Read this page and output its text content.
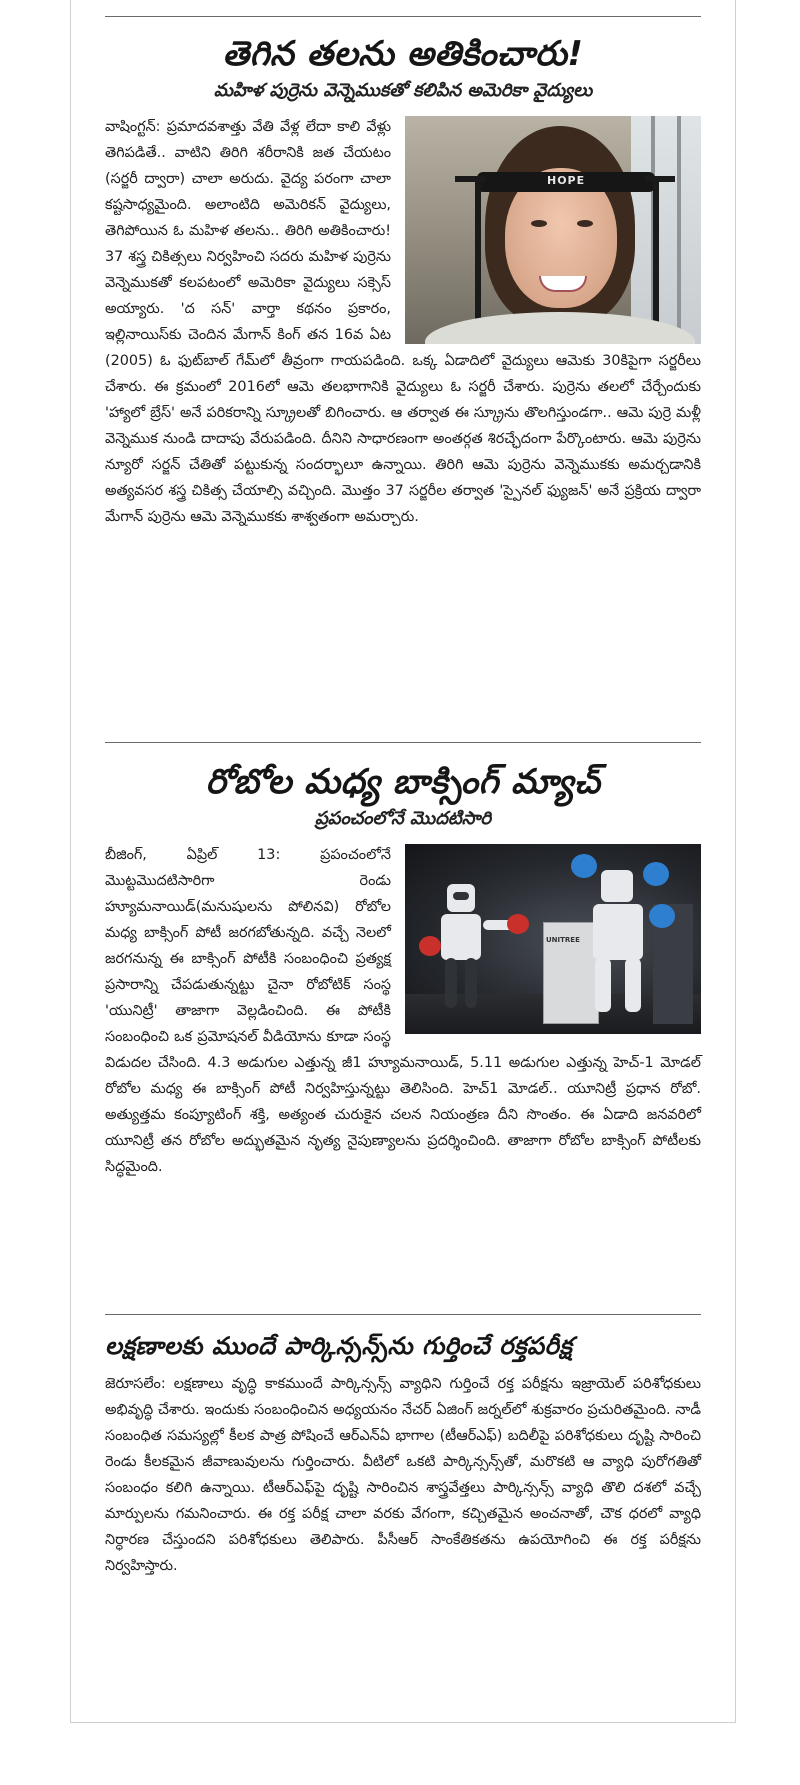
తెగిన తలను అతికించారు!
మహిళ పుర్రెను వెన్నెముకతో కలిపిన అమెరికా వైద్యులు
HOPE

వాషింగ్టన్: ప్రమాదవశాత్తు వేతి వేళ్ల లేదా కాలి వేళ్లు తెగిపడితే.. వాటిని తిరిగి శరీరానికి జత చేయటం (సర్జరీ ద్వారా) చాలా అరుదు. వైద్య పరంగా చాలా కష్టసాధ్యమైంది. అలాంటిది అమెరికన్ వైద్యులు, తెగిపోయిన ఓ మహిళ తలను.. తిరిగి అతికించారు! 37 శస్త్ర చికిత్సలు నిర్వహించి సదరు మహిళ పుర్రెను వెన్నెముకతో కలపటంలో అమెరికా వైద్యులు సక్సెస్ అయ్యారు. 'ద సన్' వార్తా కథనం ప్రకారం, ఇల్లినాయిస్‌కు చెందిన మేగాన్ కింగ్ తన 16వ ఏట (2005) ఓ ఫుట్‌బాల్ గేమ్‌లో తీవ్రంగా గాయపడింది. ఒక్క ఏడాదిలో వైద్యులు ఆమెకు 30కిపైగా సర్జరీలు చేశారు. ఈ క్రమంలో 2016లో ఆమె తలభాగానికి వైద్యులు ఓ సర్జరీ చేశారు. పుర్రెను తలలో చేర్చేందుకు 'హ్యాలో బ్రేస్' అనే పరికరాన్ని స్క్రూలతో బిగించారు. ఆ తర్వాత ఈ స్క్రూను తొలగిస్తుండగా.. ఆమె పుర్రె మళ్లీ వెన్నెముక నుండి దాదాపు వేరుపడింది. దీనిని సాధారణంగా అంతర్గత శిరచ్ఛేదంగా పేర్కొంటారు. ఆమె పుర్రెను న్యూరో సర్జన్ చేతితో పట్టుకున్న సందర్భాలూ ఉన్నాయి. తిరిగి ఆమె పుర్రెను వెన్నెముకకు అమర్చడానికి అత్యవసర శస్త్ర చికిత్స చేయాల్సి వచ్చింది. మొత్తం 37 సర్జరీల తర్వాత 'స్పైనల్ ఫ్యుజన్' అనే ప్రక్రియ ద్వారా మేగాన్ పుర్రెను ఆమె వెన్నెముకకు శాశ్వతంగా అమర్చారు.

రోబోల మధ్య బాక్సింగ్ మ్యాచ్
ప్రపంచంలోనే మొదటిసారి
UNITREE

బీజింగ్, ఏప్రిల్ 13: ప్రపంచంలోనే మొట్టమొదటిసారిగా రెండు హ్యూమనాయిడ్(మనుషులను పోలినవి) రోబోల మధ్య బాక్సింగ్ పోటీ జరగబోతున్నది. వచ్చే నెలలో జరగనున్న ఈ బాక్సింగ్ పోటీకి సంబంధించి ప్రత్యక్ష ప్రసారాన్ని చేపడుతున్నట్టు చైనా రోబోటిక్ సంస్థ 'యునిట్రీ' తాజాగా వెల్లడించింది. ఈ పోటీకి సంబంధించి ఒక ప్రమోషనల్ వీడియోను కూడా సంస్థ విడుదల చేసింది. 4.3 అడుగుల ఎత్తున్న జీ1 హ్యూమనాయిడ్, 5.11 అడుగుల ఎత్తున్న హెచ్-1 మోడల్ రోబోల మధ్య ఈ బాక్సింగ్ పోటీ నిర్వహిస్తున్నట్టు తెలిసింది. హెచ్1 మోడల్.. యూనిట్రీ ప్రధాన రోబో. అత్యుత్తమ కంప్యూటింగ్ శక్తి, అత్యంత చురుకైన చలన నియంత్రణ దీని సొంతం. ఈ ఏడాది జనవరిలో యూనిట్రీ తన రోబోల అద్భుతమైన నృత్య నైపుణ్యాలను ప్రదర్శించింది. తాజాగా రోబోల బాక్సింగ్ పోటీలకు సిద్ధమైంది.

లక్షణాలకు ముందే పార్కిన్సన్స్‌ను గుర్తించే రక్తపరీక్ష

జెరూసలేం: లక్షణాలు వృద్ధి కాకముందే పార్కిన్సన్స్ వ్యాధిని గుర్తించే రక్త పరీక్షను ఇజ్రాయెల్ పరిశోధకులు అభివృద్ధి చేశారు. ఇందుకు సంబంధించిన అధ్యయనం నేచర్ ఏజింగ్ జర్నల్‌లో శుక్రవారం ప్రచురితమైంది. నాడీ సంబంధిత సమస్యల్లో కీలక పాత్ర పోషించే ఆర్ఎన్ఏ భాగాల (టీఆర్ఎఫ్) బదిలీపై పరిశోధకులు దృష్టి సారించి రెండు కీలకమైన జీవాణువులను గుర్తించారు. వీటిలో ఒకటి పార్కిన్సన్స్‌తో, మరొకటి ఆ వ్యాధి పురోగతితో సంబంధం కలిగి ఉన్నాయి. టీఆర్ఎఫ్‌పై దృష్టి సారించిన శాస్త్రవేత్తలు పార్కిన్సన్స్ వ్యాధి తొలి దశలో వచ్చే మార్పులను గమనించారు. ఈ రక్త పరీక్ష చాలా వరకు వేగంగా, కచ్చితమైన అంచనాతో, చౌక ధరలో వ్యాధి నిర్ధారణ చేస్తుందని పరిశోధకులు తెలిపారు. పీసీఆర్ సాంకేతికతను ఉపయోగించి ఈ రక్త పరీక్షను నిర్వహిస్తారు.
